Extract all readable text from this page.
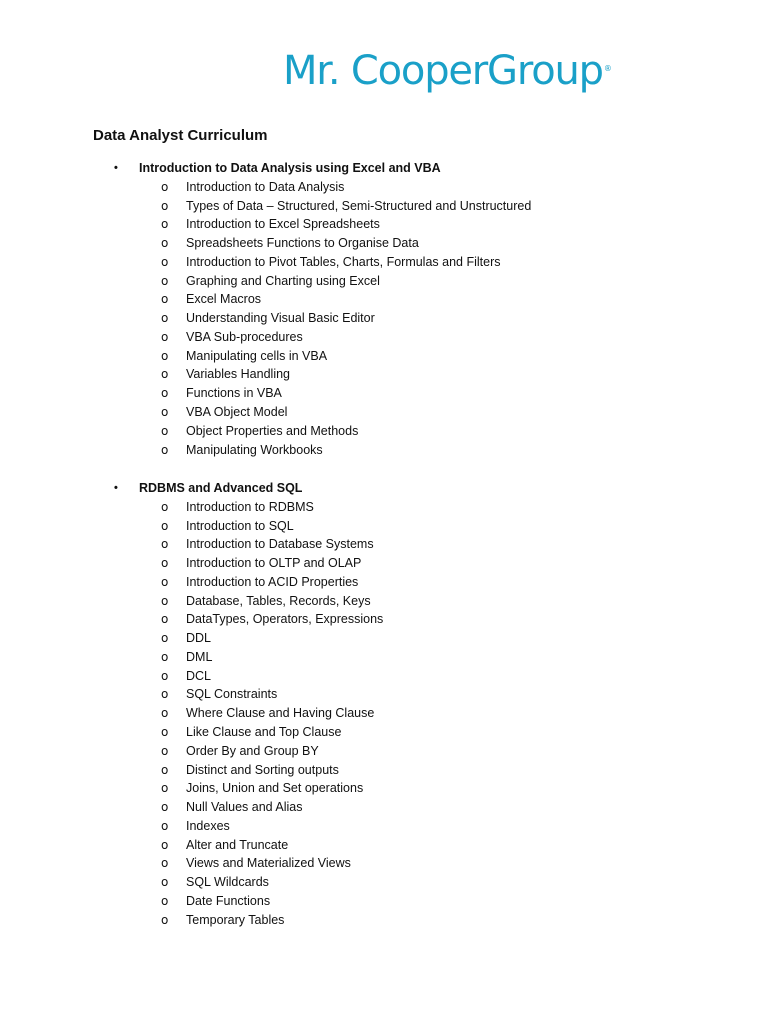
Mr. CooperGroup ®
Data Analyst Curriculum
• Introduction to Data Analysis using Excel and VBA
o Introduction to Data Analysis
o Types of Data – Structured, Semi-Structured and Unstructured
o Introduction to Excel Spreadsheets
o Spreadsheets Functions to Organise Data
o Introduction to Pivot Tables, Charts, Formulas and Filters
o Graphing and Charting using Excel
o Excel Macros
o Understanding Visual Basic Editor
o VBA Sub-procedures
o Manipulating cells in VBA
o Variables Handling
o Functions in VBA
o VBA Object Model
o Object Properties and Methods
o Manipulating Workbooks
• RDBMS and Advanced SQL
o Introduction to RDBMS
o Introduction to SQL
o Introduction to Database Systems
o Introduction to OLTP and OLAP
o Introduction to ACID Properties
o Database, Tables, Records, Keys
o DataTypes, Operators, Expressions
o DDL
o DML
o DCL
o SQL Constraints
o Where Clause and Having Clause
o Like Clause and Top Clause
o Order By and Group BY
o Distinct and Sorting outputs
o Joins, Union and Set operations
o Null Values and Alias
o Indexes
o Alter and Truncate
o Views and Materialized Views
o SQL Wildcards
o Date Functions
o Temporary Tables
